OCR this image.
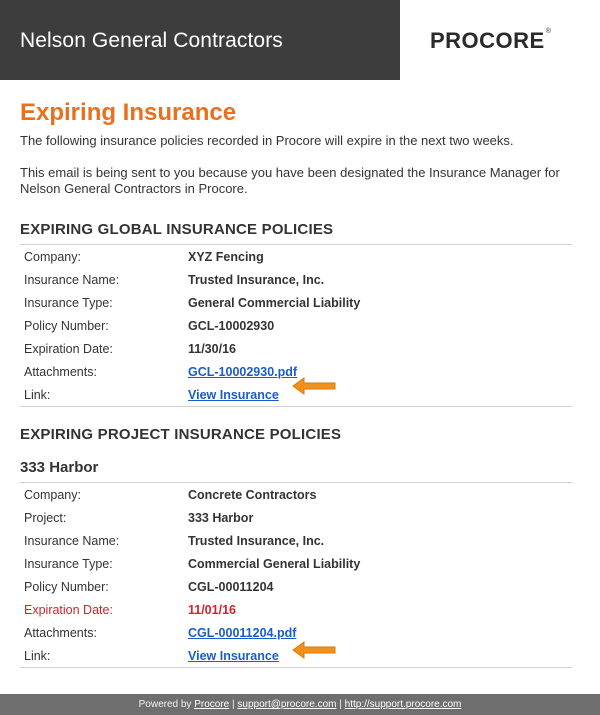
Nelson General Contractors	PROCORE®
Expiring Insurance

The following insurance policies recorded in Procore will expire in the next two weeks.

This email is being sent to you because you have been designated the Insurance Manager for Nelson General Contractors in Procore.

EXPIRING GLOBAL INSURANCE POLICIES
Company:	XYZ Fencing
Insurance Name:	Trusted Insurance, Inc.
Insurance Type:	General Commercial Liability
Policy Number:	GCL-10002930
Expiration Date:	11/30/16
Attachments:	GCL-10002930.pdf
Link:	View Insurance
EXPIRING PROJECT INSURANCE POLICIES
333 Harbor
Company:	Concrete Contractors
Project:	333 Harbor
Insurance Name:	Trusted Insurance, Inc.
Insurance Type:	Commercial General Liability
Policy Number:	CGL-00011204
Expiration Date:	11/01/16
Attachments:	CGL-00011204.pdf
Link:	View Insurance
Powered by Procore | support@procore.com | http://support.procore.com
